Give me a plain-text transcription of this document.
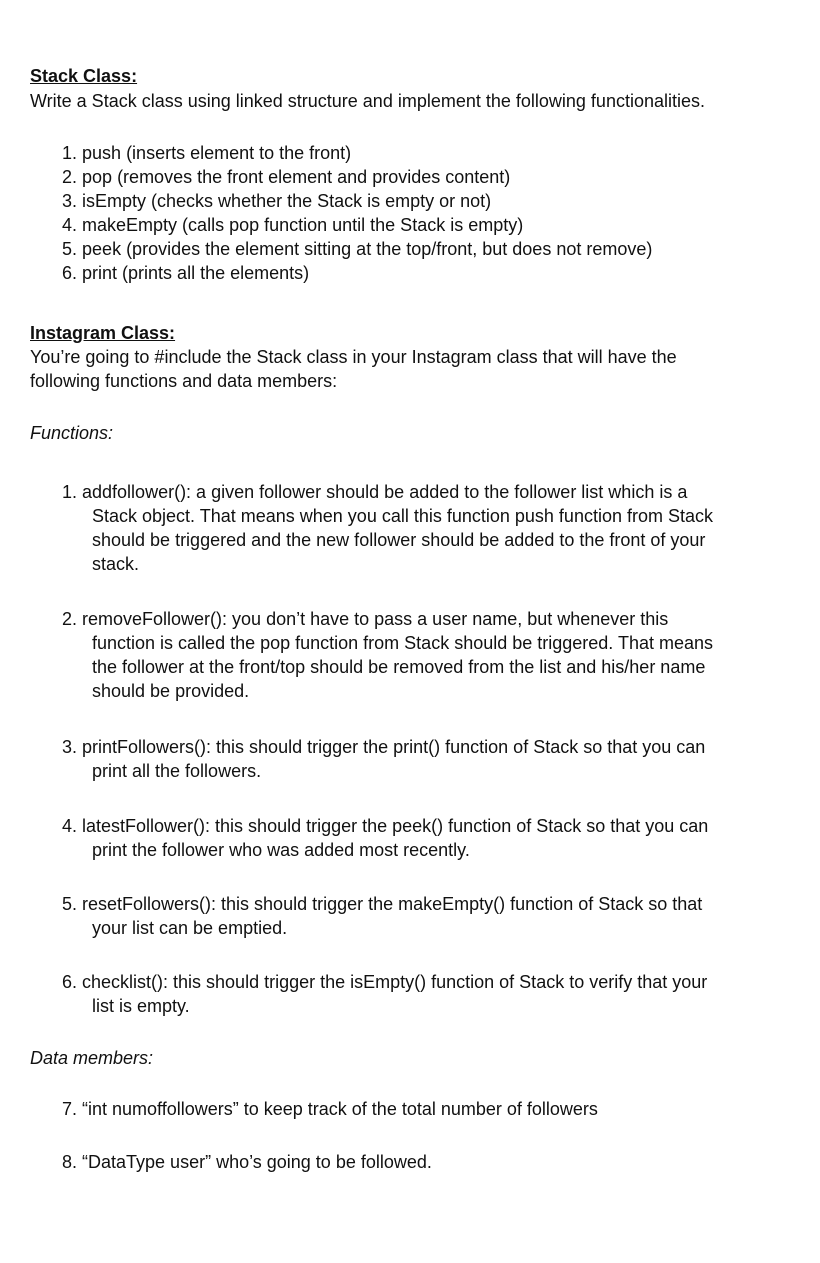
Stack Class:
Write a Stack class using linked structure and implement the following functionalities.
1. push (inserts element to the front)
2. pop (removes the front element and provides content)
3. isEmpty (checks whether the Stack is empty or not)
4. makeEmpty (calls pop function until the Stack is empty)
5. peek (provides the element sitting at the top/front, but does not remove)
6. print (prints all the elements)
Instagram Class:
You’re going to #include the Stack class in your Instagram class that will have the
following functions and data members:
Functions:
1. addfollower(): a given follower should be added to the follower list which is a
Stack object. That means when you call this function push function from Stack
should be triggered and the new follower should be added to the front of your
stack.
2. removeFollower(): you don’t have to pass a user name, but whenever this
function is called the pop function from Stack should be triggered. That means
the follower at the front/top should be removed from the list and his/her name
should be provided.
3. printFollowers(): this should trigger the print() function of Stack so that you can
print all the followers.
4. latestFollower(): this should trigger the peek() function of Stack so that you can
print the follower who was added most recently.
5. resetFollowers(): this should trigger the makeEmpty() function of Stack so that
your list can be emptied.
6. checklist(): this should trigger the isEmpty() function of Stack to verify that your
list is empty.
Data members:
7. “int numoffollowers” to keep track of the total number of followers
8. “DataType user” who’s going to be followed.
